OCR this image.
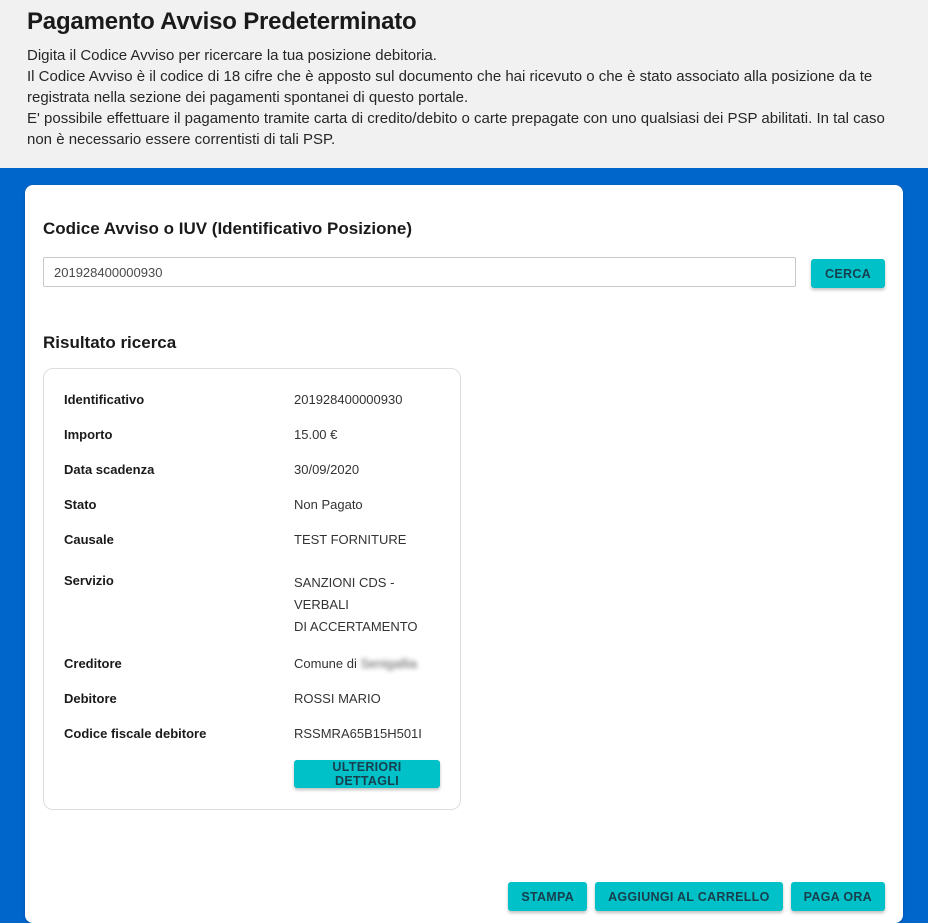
Pagamento Avviso Predeterminato

Digita il Codice Avviso per ricercare la tua posizione debitoria.

Il Codice Avviso è il codice di 18 cifre che è apposto sul documento che hai ricevuto o che è stato associato alla posizione da te registrata nella sezione dei pagamenti spontanei di questo portale.

E' possibile effettuare il pagamento tramite carta di credito/debito o carte prepagate con uno qualsiasi dei PSP abilitati. In tal caso non è necessario essere correntisti di tali PSP.

Codice Avviso o IUV (Identificativo Posizione)
201928400000930
CERCA
Risultato ricerca
Identificativo	201928400000930
Importo	15.00 €
Data scadenza	30/09/2020
Stato	Non Pagato
Causale	TEST FORNITURE
Servizio	SANZIONI CDS - VERBALI
DI ACCERTAMENTO
Creditore	Comune di Senigallia
Debitore	ROSSI MARIO
Codice fiscale debitore	RSSMRA65B15H501I
ULTERIORI DETTAGLI
STAMPA	AGGIUNGI AL CARRELLO	PAGA ORA
